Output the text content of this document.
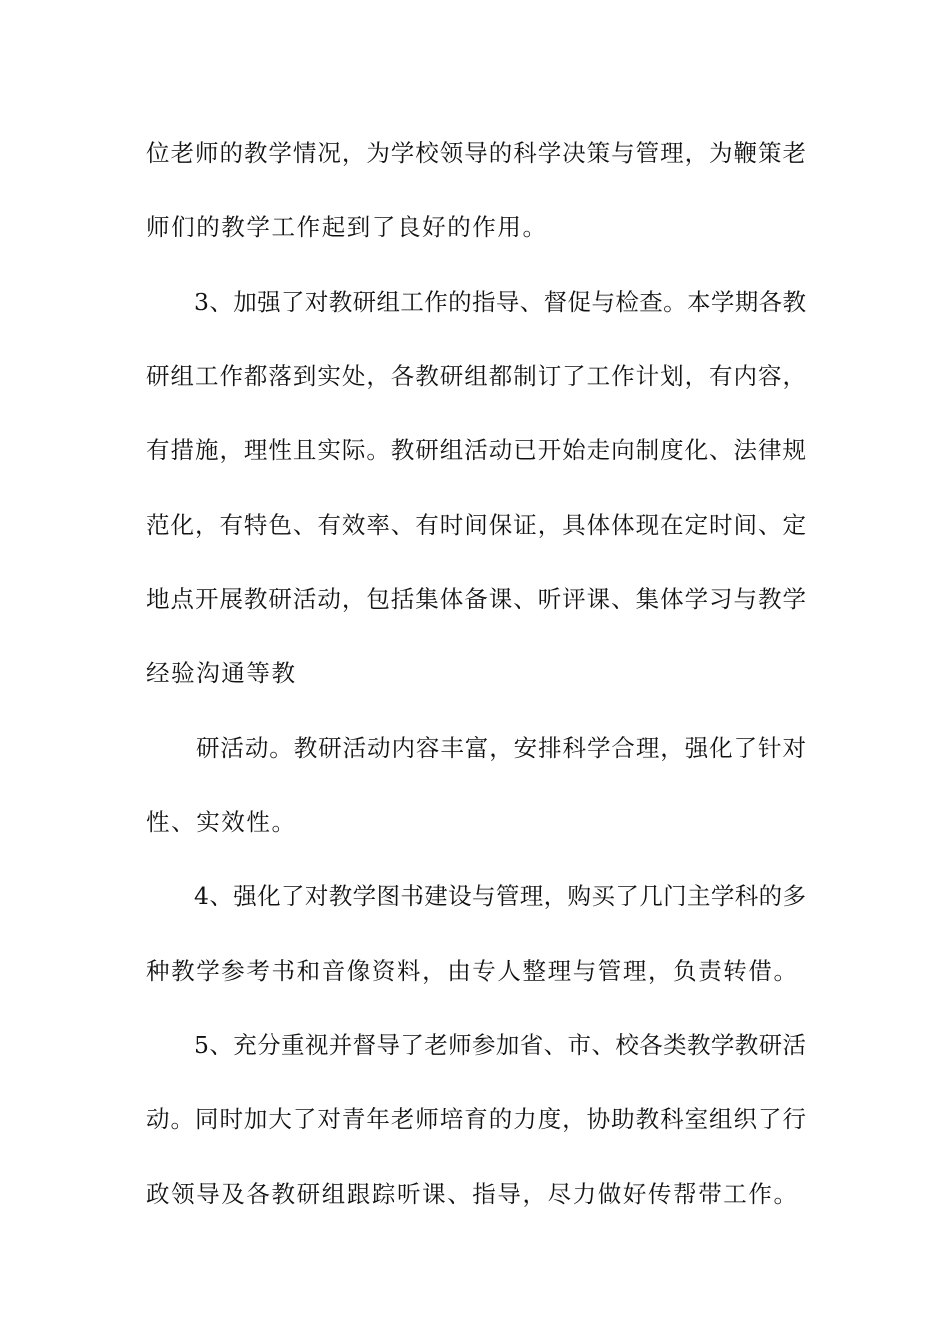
位老师的教学情况，为学校领导的科学决策与管理，为鞭策老
师们的教学工作起到了良好的作用。
3、加强了对教研组工作的指导、督促与检查。本学期各教
研组工作都落到实处，各教研组都制订了工作计划，有内容，
有措施，理性且实际。教研组活动已开始走向制度化、法律规
范化，有特色、有效率、有时间保证，具体体现在定时间、定
地点开展教研活动，包括集体备课、听评课、集体学习与教学
经验沟通等教
研活动。教研活动内容丰富，安排科学合理，强化了针对
性、实效性。
4、强化了对教学图书建设与管理，购买了几门主学科的多
种教学参考书和音像资料，由专人整理与管理，负责转借。
5、充分重视并督导了老师参加省、市、校各类教学教研活
动。同时加大了对青年老师培育的力度，协助教科室组织了行
政领导及各教研组跟踪听课、指导，尽力做好传帮带工作。
